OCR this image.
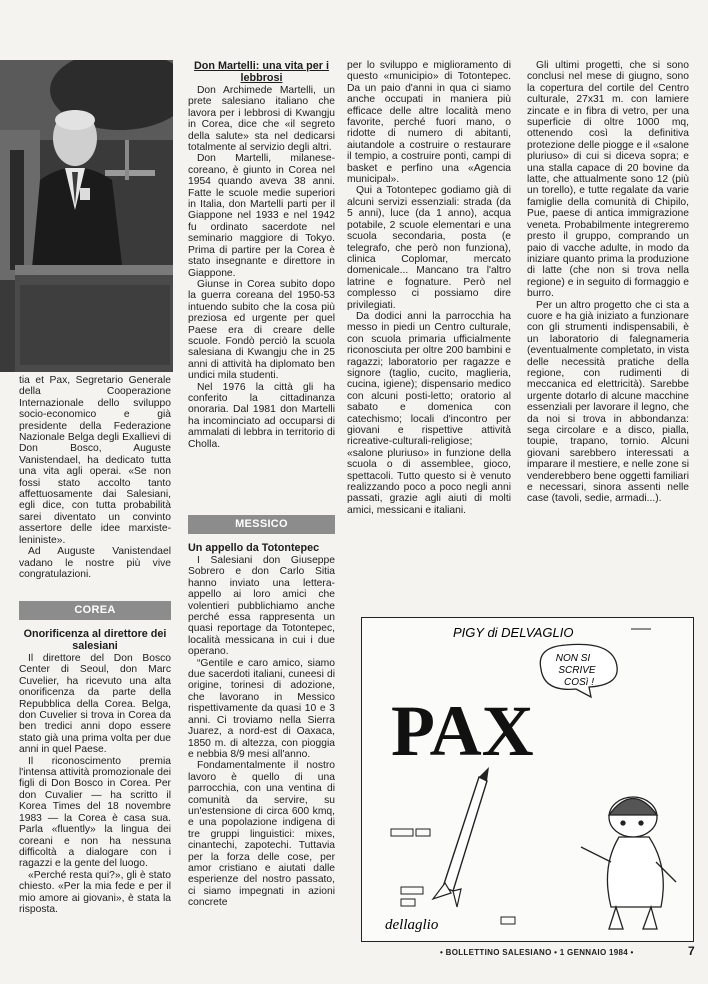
tia et Pax, Segretario Generale della Cooperazione Internazionale dello sviluppo socio-economico e già presidente della Federazione Nazionale Belga degli Exallievi di Don Bosco, Auguste Vanistendael, ha dedicato tutta una vita agli operai. «Se non fossi stato accolto tanto affettuosamente dai Salesiani, egli dice, con tutta probabilità sarei diventato un convinto assertore delle idee marxiste-leniniste».

Ad Auguste Vanistendael vadano le nostre più vive congratulazioni.

COREA
Onorificenza al direttore dei salesiani

Il direttore del Don Bosco Center di Seoul, don Marc Cuvelier, ha ricevuto una alta onorificenza da parte della Repubblica della Corea. Belga, don Cuvelier si trova in Corea da ben tredici anni dopo essere stato già una prima volta per due anni in quel Paese.

Il riconoscimento premia l'intensa attività promozionale dei figli di Don Bosco in Corea. Per don Cuvalier — ha scritto il Korea Times del 18 novembre 1983 — la Corea è casa sua. Parla «fluently» la lingua dei coreani e non ha nessuna difficoltà a dialogare con i ragazzi e la gente del luogo.

«Perché resta qui?», gli è stato chiesto. «Per la mia fede e per il mio amore ai giovani», è stata la risposta.

Don Martelli: una vita per i lebbrosi

Don Archimede Martelli, un prete salesiano italiano che lavora per i lebbrosi di Kwangju in Corea, dice che «il segreto della salute» sta nel dedicarsi totalmente al servizio degli altri.

Don Martelli, milanese-coreano, è giunto in Corea nel 1954 quando aveva 38 anni. Fatte le scuole medie superiori in Italia, don Martelli parti per il Giappone nel 1933 e nel 1942 fu ordinato sacerdote nel seminario maggiore di Tokyo. Prima di partire per la Corea è stato insegnante e direttore in Giappone.

Giunse in Corea subito dopo la guerra coreana del 1950-53 intuendo subito che la cosa più preziosa ed urgente per quel Paese era di creare delle scuole. Fondò perciò la scuola salesiana di Kwangju che in 25 anni di attività ha diplomato ben undici mila studenti.

Nel 1976 la città gli ha conferito la cittadinanza onoraria. Dal 1981 don Martelli ha incominciato ad occuparsi di ammalati di lebbra in territorio di Cholla.

MESSICO
Un appello da Totontepec

I Salesiani don Giuseppe Sobrero e don Carlo Sitia hanno inviato una lettera-appello ai loro amici che volentieri pubblichiamo anche perché essa rappresenta un quasi reportage da Totontepec, località messicana in cui i due operano.

“Gentile e caro amico, siamo due sacerdoti italiani, cuneesi di origine, torinesi di adozione, che lavorano in Messico rispettivamente da quasi 10 e 3 anni. Ci troviamo nella Sierra Juarez, a nord-est di Oaxaca, 1850 m. di altezza, con pioggia e nebbia 8/9 mesi all'anno.

Fondamentalmente il nostro lavoro è quello di una parrocchia, con una ventina di comunità da servire, su un'estensione di circa 600 kmq, e una popolazione indigena di tre gruppi linguistici: mixes, cinantechi, zapotechi. Tuttavia per la forza delle cose, per amor cristiano e aiutati dalle esperienze del nostro passato, ci siamo impegnati in azioni concrete

per lo sviluppo e miglioramento di questo «municipio» di Totontepec. Da un paio d'anni in qua ci siamo anche occupati in maniera più efficace delle altre località meno favorite, perché fuori mano, o ridotte di numero di abitanti, aiutandole a costruire o restaurare il tempio, a costruire ponti, campi di basket e perfino una «Agencia municipal».

Qui a Totontepec godiamo già di alcuni servizi essenziali: strada (da 5 anni), luce (da 1 anno), acqua potabile, 2 scuole elementari e una scuola secondaria, posta (e telegrafo, che però non funziona), clinica Coplomar, mercato domenicale... Mancano tra l'altro latrine e fognature. Però nel complesso ci possiamo dire privilegiati.

Da dodici anni la parrocchia ha messo in piedi un Centro culturale, con scuola primaria ufficialmente riconosciuta per oltre 200 bambini e ragazzi; laboratorio per ragazze e signore (taglio, cucito, maglieria, cucina, igiene); dispensario medico con alcuni posti-letto; oratorio al sabato e domenica con catechismo; locali d'incontro per giovani e rispettive attività ricreative-culturali-religiose; «salone pluriuso» in funzione della scuola o di assemblee, gioco, spettacoli. Tutto questo si è venuto realizzando poco a poco negli anni passati, grazie agli aiuti di molti amici, messicani e italiani.

Gli ultimi progetti, che si sono conclusi nel mese di giugno, sono la copertura del cortile del Centro culturale, 27x31 m. con lamiere zincate e in fibra di vetro, per una superficie di oltre 1000 mq, ottenendo così la definitiva protezione delle piogge e il «salone pluriuso» di cui si diceva sopra; e una stalla capace di 20 bovine da latte, che attualmente sono 12 (più un torello), e tutte regalate da varie famiglie della comunità di Chipilo, Pue, paese di antica immigrazione veneta. Probabilmente integreremo presto il gruppo, comprando un paio di vacche adulte, in modo da iniziare quanto prima la produzione di latte (che non si trova nella regione) e in seguito di formaggio e burro.

Per un altro progetto che ci sta a cuore e ha già iniziato a funzionare con gli strumenti indispensabili, è un laboratorio di falegnameria (eventualmente completato, in vista delle necessità pratiche della regione, con rudimenti di meccanica ed elettricità). Sarebbe urgente dotarlo di alcune macchine essenziali per lavorare il legno, che da noi si trova in abbondanza: sega circolare e a disco, pialla, toupie, trapano, tornio. Alcuni giovani sarebbero interessati a imparare il mestiere, e nelle zone si venderebbero bene oggetti familiari e necessari, sinora assenti nelle case (tavoli, sedie, armadi...).

PIGY di DELVAGLIO
NON SI
SCRIVE
COSì !
PAX
dellaglio
• BOLLETTINO SALESIANO • 1 GENNAIO 1984 •	7
